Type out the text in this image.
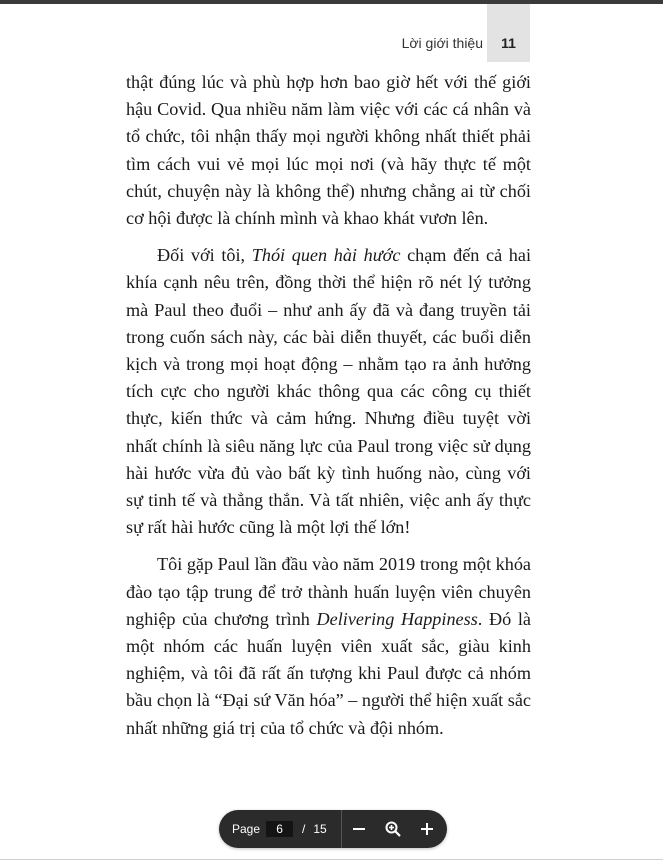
Lời giới thiệu	11

thật đúng lúc và phù hợp hơn bao giờ hết với thế giới hậu Covid. Qua nhiều năm làm việc với các cá nhân và tổ chức, tôi nhận thấy mọi người không nhất thiết phải tìm cách vui vẻ mọi lúc mọi nơi (và hãy thực tế một chút, chuyện này là không thể) nhưng chẳng ai từ chối cơ hội được là chính mình và khao khát vươn lên.

Đối với tôi, Thói quen hài hước chạm đến cả hai khía cạnh nêu trên, đồng thời thể hiện rõ nét lý tưởng mà Paul theo đuổi – như anh ấy đã và đang truyền tải trong cuốn sách này, các bài diễn thuyết, các buổi diễn kịch và trong mọi hoạt động – nhằm tạo ra ảnh hưởng tích cực cho người khác thông qua các công cụ thiết thực, kiến thức và cảm hứng. Nhưng điều tuyệt vời nhất chính là siêu năng lực của Paul trong việc sử dụng hài hước vừa đủ vào bất kỳ tình huống nào, cùng với sự tinh tế và thẳng thắn. Và tất nhiên, việc anh ấy thực sự rất hài hước cũng là một lợi thế lớn!

Tôi gặp Paul lần đầu vào năm 2019 trong một khóa đào tạo tập trung để trở thành huấn luyện viên chuyên nghiệp của chương trình Delivering Happiness. Đó là một nhóm các huấn luyện viên xuất sắc, giàu kinh nghiệm, và tôi đã rất ấn tượng khi Paul được cả nhóm bầu chọn là “Đại sứ Văn hóa” – người thể hiện xuất sắc nhất những giá trị của tổ chức và đội nhóm.

Page
6	/ 15
